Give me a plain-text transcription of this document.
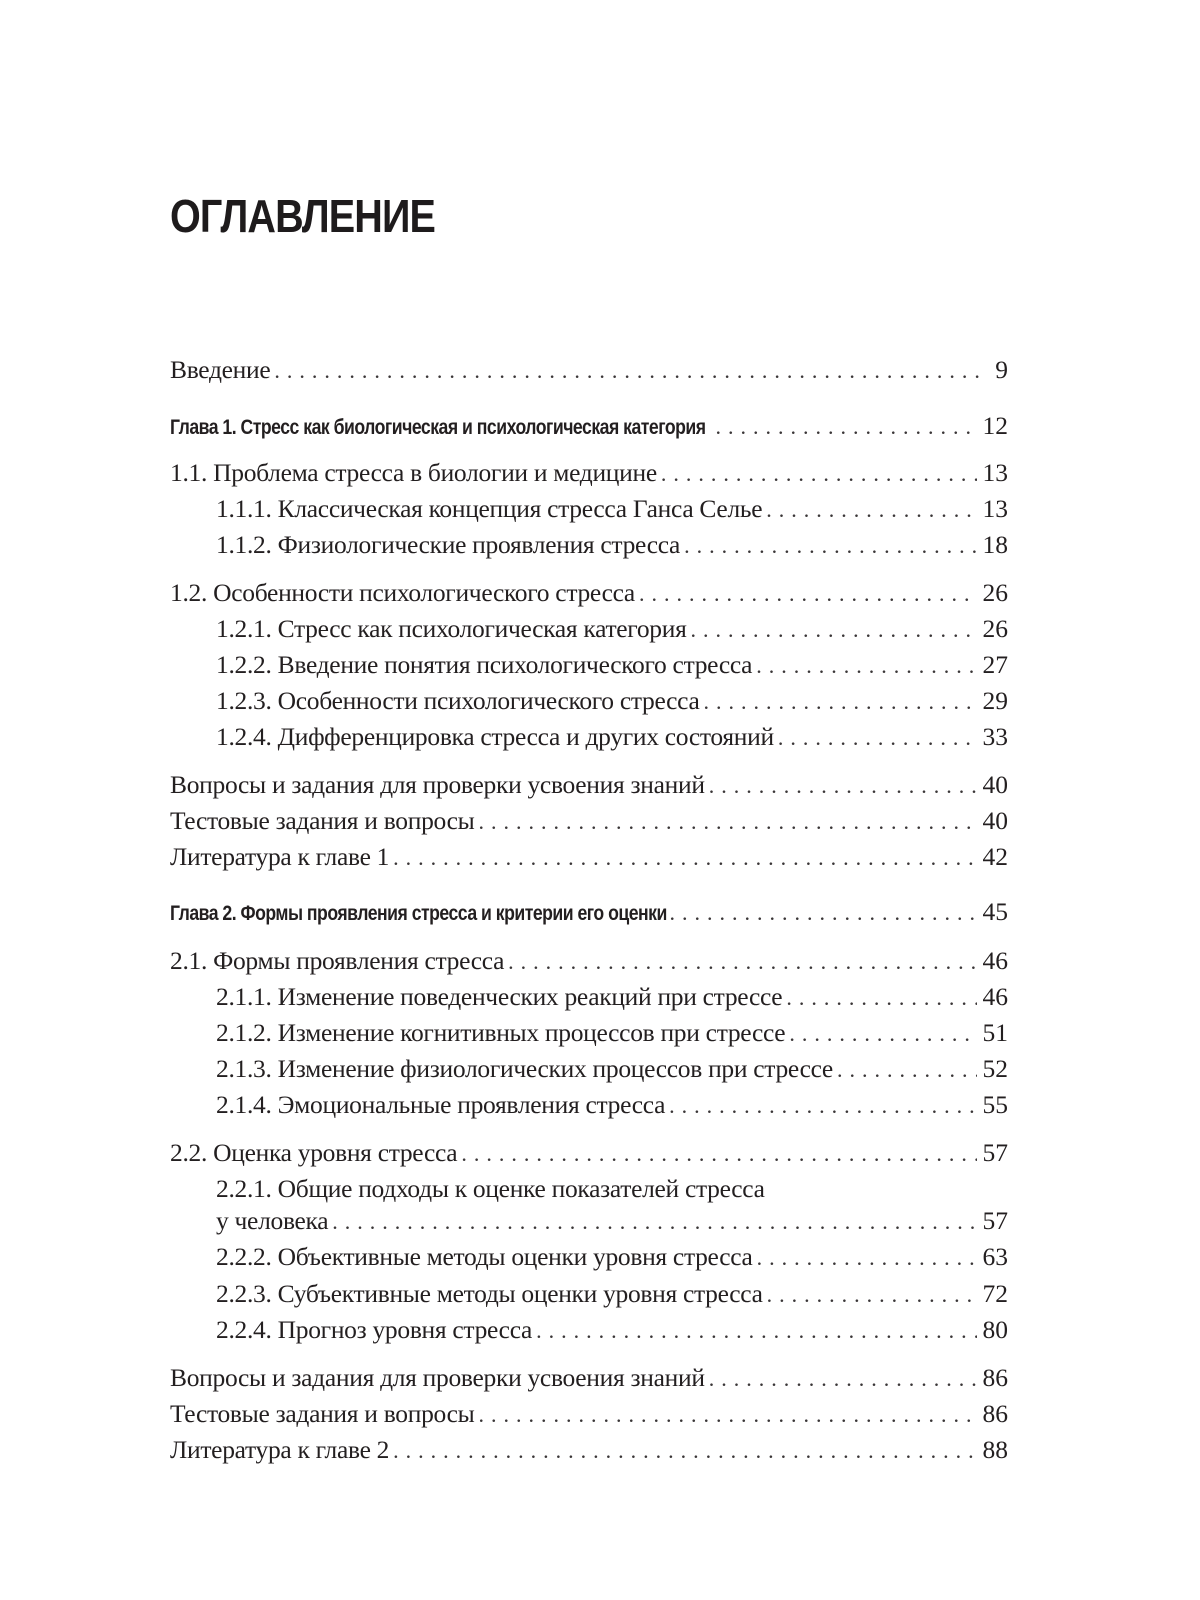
ОГЛАВЛЕНИЕ
Введение . . .	9
Глава 1. Стресс как биологическая и психологическая категория . . .	12
1.1. Проблема стресса в биологии и медицине . . .	13
1.1.1. Классическая концепция стресса Ганса Селье . . .	13
1.1.2. Физиологические проявления стресса . . .	18
1.2. Особенности психологического стресса . . .	26
1.2.1. Стресс как психологическая категория . . .	26
1.2.2. Введение понятия психологического стресса . . .	27
1.2.3. Особенности психологического стресса . . .	29
1.2.4. Дифференцировка стресса и других состояний . . .	33
Вопросы и задания для проверки усвоения знаний . . .	40
Тестовые задания и вопросы . . .	40
Литература к главе 1 . . .	42
Глава 2. Формы проявления стресса и критерии его оценки . . .	45
2.1. Формы проявления стресса . . .	46
2.1.1. Изменение поведенческих реакций при стрессе . . .	46
2.1.2. Изменение когнитивных процессов при стрессе . . .	51
2.1.3. Изменение физиологических процессов при стрессе . . .	52
2.1.4. Эмоциональные проявления стресса . . .	55
2.2. Оценка уровня стресса . . .	57
2.2.1. Общие подходы к оценке показателей стресса
у человека . . .	57
2.2.2. Объективные методы оценки уровня стресса . . .	63
2.2.3. Субъективные методы оценки уровня стресса . . .	72
2.2.4. Прогноз уровня стресса . . .	80
Вопросы и задания для проверки усвоения знаний . . .	86
Тестовые задания и вопросы . . .	86
Литература к главе 2 . . .	88
